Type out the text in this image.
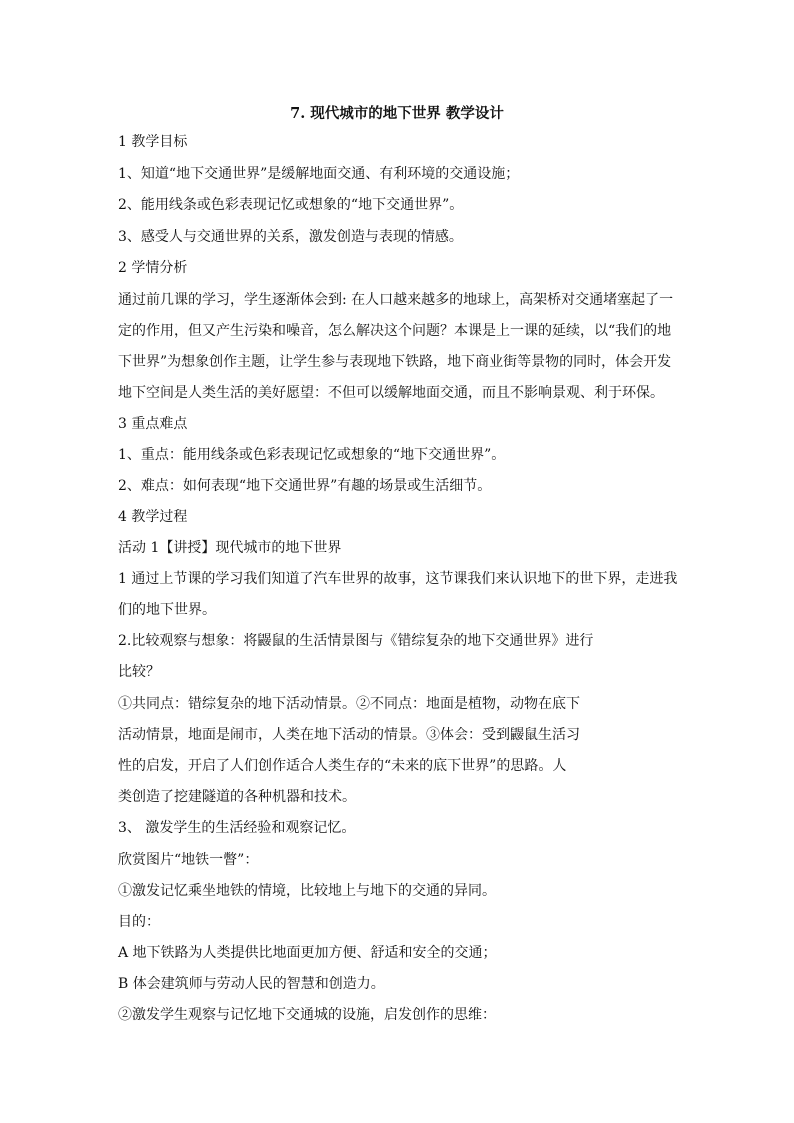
7. 现代城市的地下世界 教学设计
1 教学目标
1、知道“地下交通世界”是缓解地面交通、有利环境的交通设施；
2、能用线条或色彩表现记忆或想象的“地下交通世界”。
3、感受人与交通世界的关系，激发创造与表现的情感。
2 学情分析
通过前几课的学习，学生逐渐体会到: 在人口越来越多的地球上，高架桥对交通堵塞起了一
定的作用，但又产生污染和噪音，怎么解决这个问题？本课是上一课的延续，以“我们的地
下世界”为想象创作主题，让学生参与表现地下铁路，地下商业街等景物的同时，体会开发
地下空间是人类生活的美好愿望：不但可以缓解地面交通，而且不影响景观、利于环保。
3 重点难点
1、重点：能用线条或色彩表现记忆或想象的“地下交通世界”。
2、难点：如何表现“地下交通世界”有趣的场景或生活细节。
4 教学过程
活动 1【讲授】现代城市的地下世界
1 通过上节课的学习我们知道了汽车世界的故事，这节课我们来认识地下的世下界，走进我
们的地下世界。
2.比较观察与想象：将鼹鼠的生活情景图与《错综复杂的地下交通世界》进行
比较？
①共同点：错综复杂的地下活动情景。②不同点：地面是植物，动物在底下
活动情景，地面是闹市，人类在地下活动的情景。③体会：受到鼹鼠生活习
性的启发，开启了人们创作适合人类生存的“未来的底下世界”的思路。人
类创造了挖建隧道的各种机器和技术。
3、 激发学生的生活经验和观察记忆。
欣赏图片“地铁一瞥”：
①激发记忆乘坐地铁的情境，比较地上与地下的交通的异同。
目的：
A 地下铁路为人类提供比地面更加方便、舒适和安全的交通；
B 体会建筑师与劳动人民的智慧和创造力。
②激发学生观察与记忆地下交通城的设施，启发创作的思维：
